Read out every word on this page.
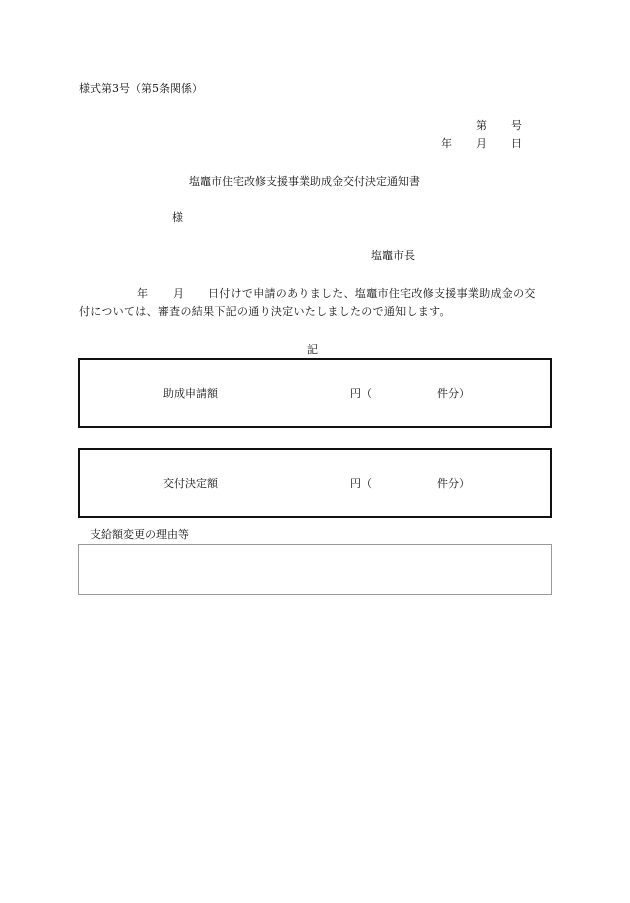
様式第3号（第5条関係）
第 号
年 月 日
塩竈市住宅改修支援事業助成金交付決定通知書
様
塩竈市長
年 月 日付けで申請のありました、塩竈市住宅改修支援事業助成金の交
付については、審査の結果下記の通り決定いたしましたので通知します。
記
助成申請額	円（	件分）
交付決定額	円（	件分）
支給額変更の理由等
